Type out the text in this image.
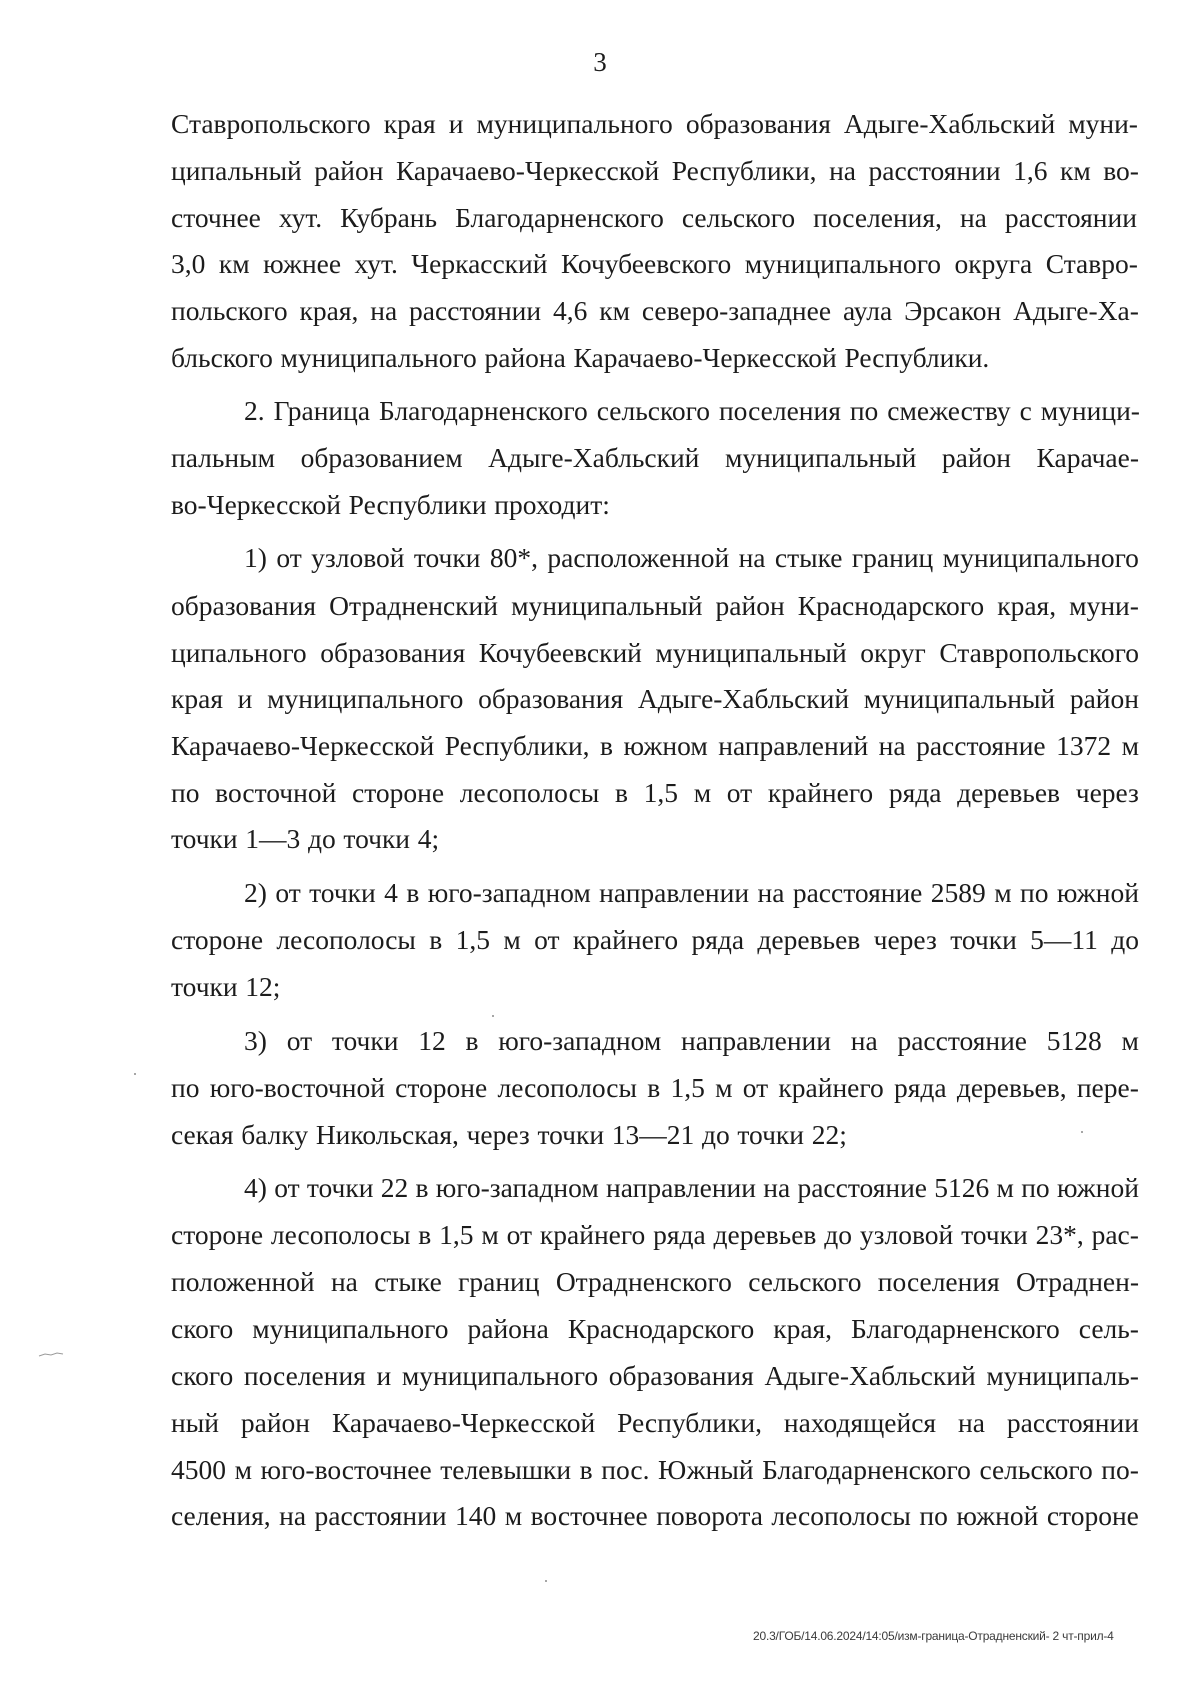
3
Ставропольского края и муниципального образования Адыге-Хабльский муни-
ципальный район Карачаево-Черкесской Республики, на расстоянии 1,6 км во-
сточнее хут. Кубрань Благодарненского сельского поселения, на расстоянии
3,0 км южнее хут. Черкасский Кочубеевского муниципального округа Ставро-
польского края, на расстоянии 4,6 км северо-западнее аула Эрсакон Адыге-Ха-
бльского муниципального района Карачаево-Черкесской Республики.
2. Граница Благодарненского сельского поселения по смежеству с муници-
пальным образованием Адыге-Хабльский муниципальный район Карачае-
во-Черкесской Республики проходит:
1) от узловой точки 80*, расположенной на стыке границ муниципального
образования Отрадненский муниципальный район Краснодарского края, муни-
ципального образования Кочубеевский муниципальный округ Ставропольского
края и муниципального образования Адыге-Хабльский муниципальный район
Карачаево-Черкесской Республики, в южном направлений на расстояние 1372 м
по восточной стороне лесополосы в 1,5 м от крайнего ряда деревьев через
точки 1—3 до точки 4;
2) от точки 4 в юго-западном направлении на расстояние 2589 м по южной
стороне лесополосы в 1,5 м от крайнего ряда деревьев через точки 5—11 до
точки 12;
3) от точки 12 в юго-западном направлении на расстояние 5128 м
по юго-восточной стороне лесополосы в 1,5 м от крайнего ряда деревьев, пере-
секая балку Никольская, через точки 13—21 до точки 22;
4) от точки 22 в юго-западном направлении на расстояние 5126 м по южной
стороне лесополосы в 1,5 м от крайнего ряда деревьев до узловой точки 23*, рас-
положенной на стыке границ Отрадненского сельского поселения Отраднен-
ского муниципального района Краснодарского края, Благодарненского сель-
ского поселения и муниципального образования Адыге-Хабльский муниципаль-
ный район Карачаево-Черкесской Республики, находящейся на расстоянии
4500 м юго-восточнее телевышки в пос. Южный Благодарненского сельского по-
селения, на расстоянии 140 м восточнее поворота лесополосы по южной стороне
20.3/ГОБ/14.06.2024/14:05/изм-граница-Отрадненский- 2 чт-прил-4
